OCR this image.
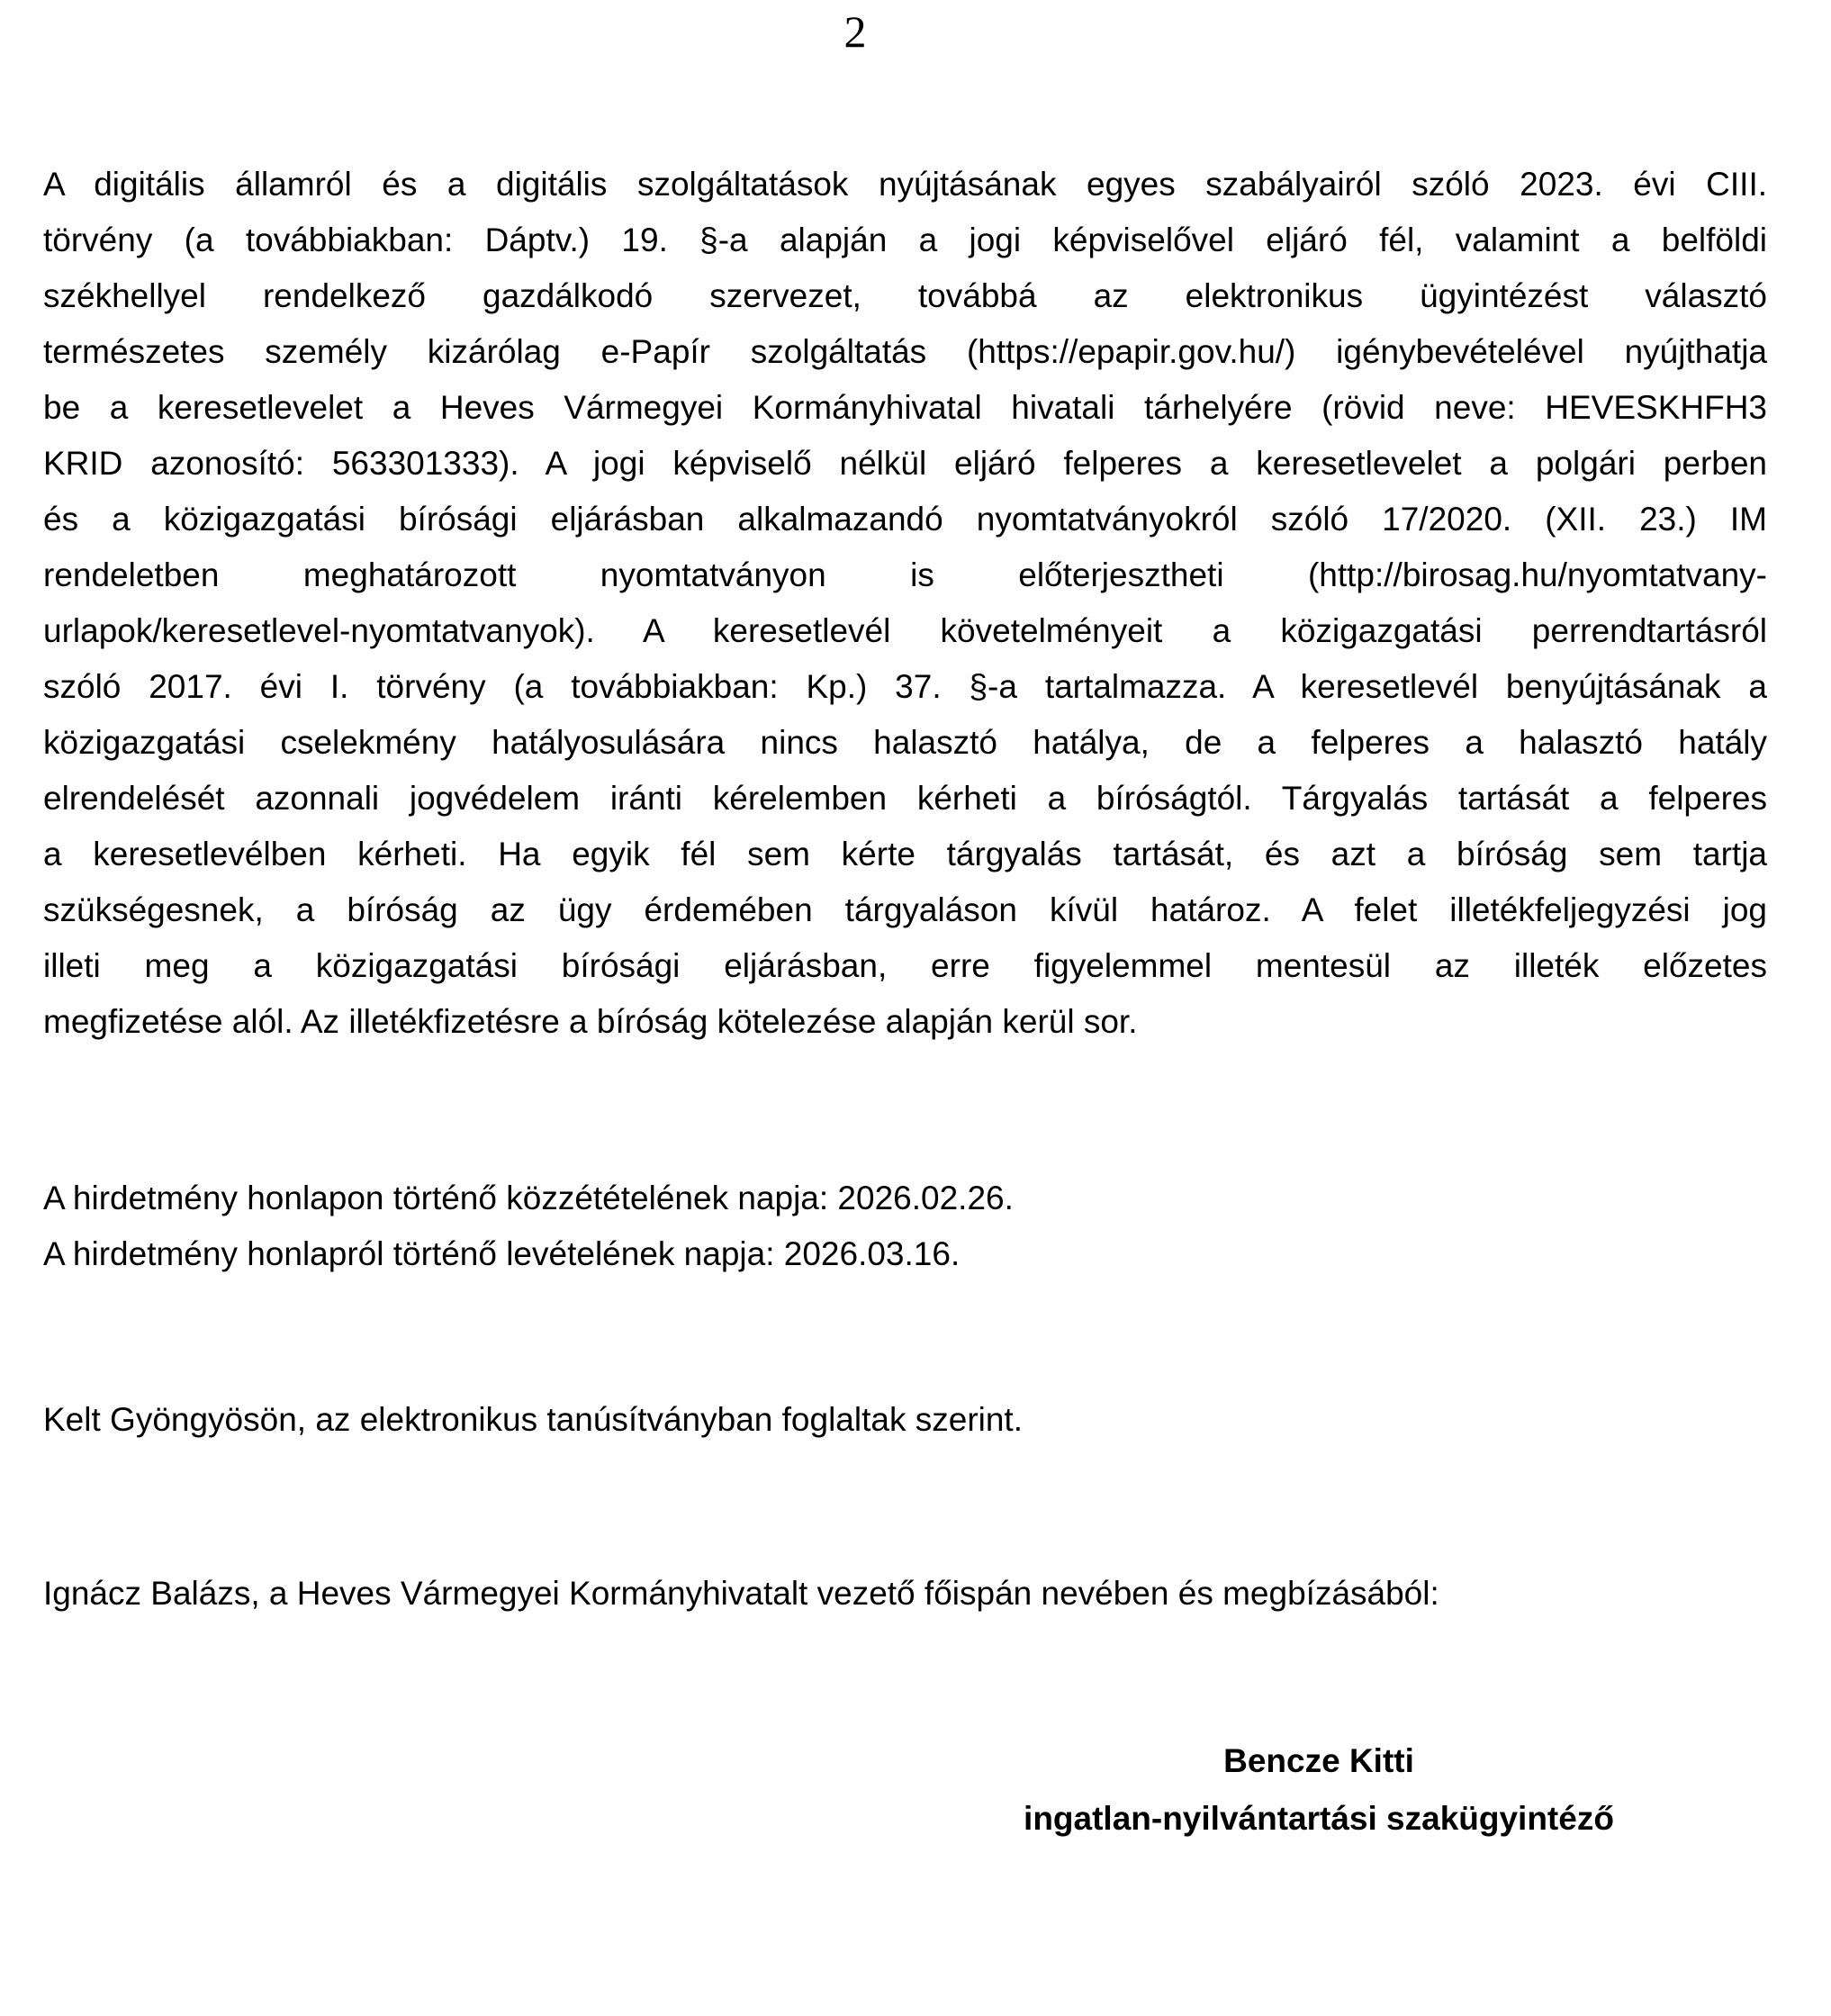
2
A digitális államról és a digitális szolgáltatások nyújtásának egyes szabályairól szóló 2023. évi CIII.
törvény (a továbbiakban: Dáptv.) 19. §-a alapján a jogi képviselővel eljáró fél, valamint a belföldi
székhellyel rendelkező gazdálkodó szervezet, továbbá az elektronikus ügyintézést választó
természetes személy kizárólag e-Papír szolgáltatás (https://epapir.gov.hu/) igénybevételével nyújthatja
be a keresetlevelet a Heves Vármegyei Kormányhivatal hivatali tárhelyére (rövid neve: HEVESKHFH3
KRID azonosító: 563301333). A jogi képviselő nélkül eljáró felperes a keresetlevelet a polgári perben
és a közigazgatási bírósági eljárásban alkalmazandó nyomtatványokról szóló 17/2020. (XII. 23.) IM
rendeletben meghatározott nyomtatványon is előterjesztheti (http://birosag.hu/nyomtatvany-
urlapok/keresetlevel-nyomtatvanyok). A keresetlevél követelményeit a közigazgatási perrendtartásról
szóló 2017. évi I. törvény (a továbbiakban: Kp.) 37. §-a tartalmazza. A keresetlevél benyújtásának a
közigazgatási cselekmény hatályosulására nincs halasztó hatálya, de a felperes a halasztó hatály
elrendelését azonnali jogvédelem iránti kérelemben kérheti a bíróságtól. Tárgyalás tartását a felperes
a keresetlevélben kérheti. Ha egyik fél sem kérte tárgyalás tartását, és azt a bíróság sem tartja
szükségesnek, a bíróság az ügy érdemében tárgyaláson kívül határoz. A felet illetékfeljegyzési jog
illeti meg a közigazgatási bírósági eljárásban, erre figyelemmel mentesül az illeték előzetes
megfizetése alól. Az illetékfizetésre a bíróság kötelezése alapján kerül sor.
A hirdetmény honlapon történő közzétételének napja: 2026.02.26.
A hirdetmény honlapról történő levételének napja: 2026.03.16.
Kelt Gyöngyösön, az elektronikus tanúsítványban foglaltak szerint.
Ignácz Balázs, a Heves Vármegyei Kormányhivatalt vezető főispán nevében és megbízásából:
Bencze Kitti
ingatlan-nyilvántartási szakügyintéző
